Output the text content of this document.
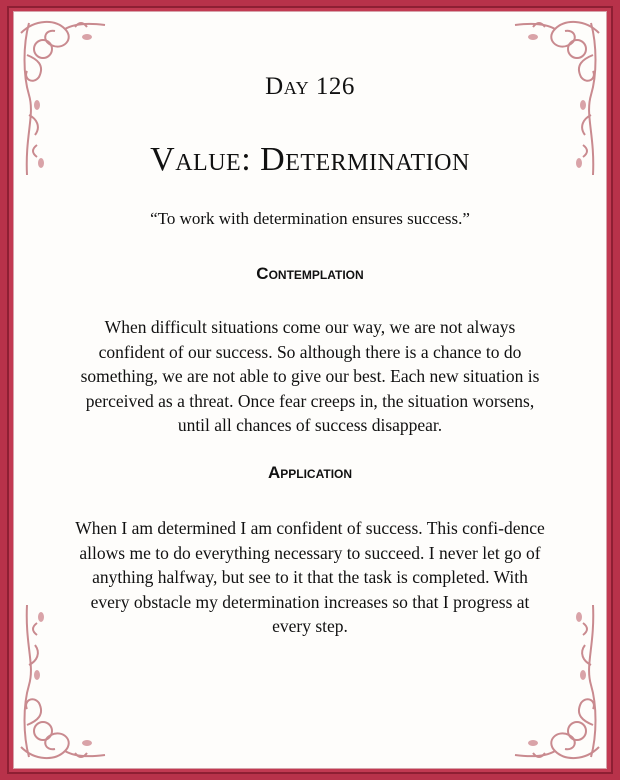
Day 126
Value: Determination
“To work with determination ensures success.”
Contemplation
When difficult situations come our way, we are not always confident of our success. So although there is a chance to do something, we are not able to give our best. Each new situation is perceived as a threat. Once fear creeps in, the situation worsens, until all chances of success disappear.
Application
When I am determined I am confident of success. This confi-dence allows me to do everything necessary to succeed. I never let go of anything halfway, but see to it that the task is completed. With every obstacle my determination increases so that I progress at every step.
